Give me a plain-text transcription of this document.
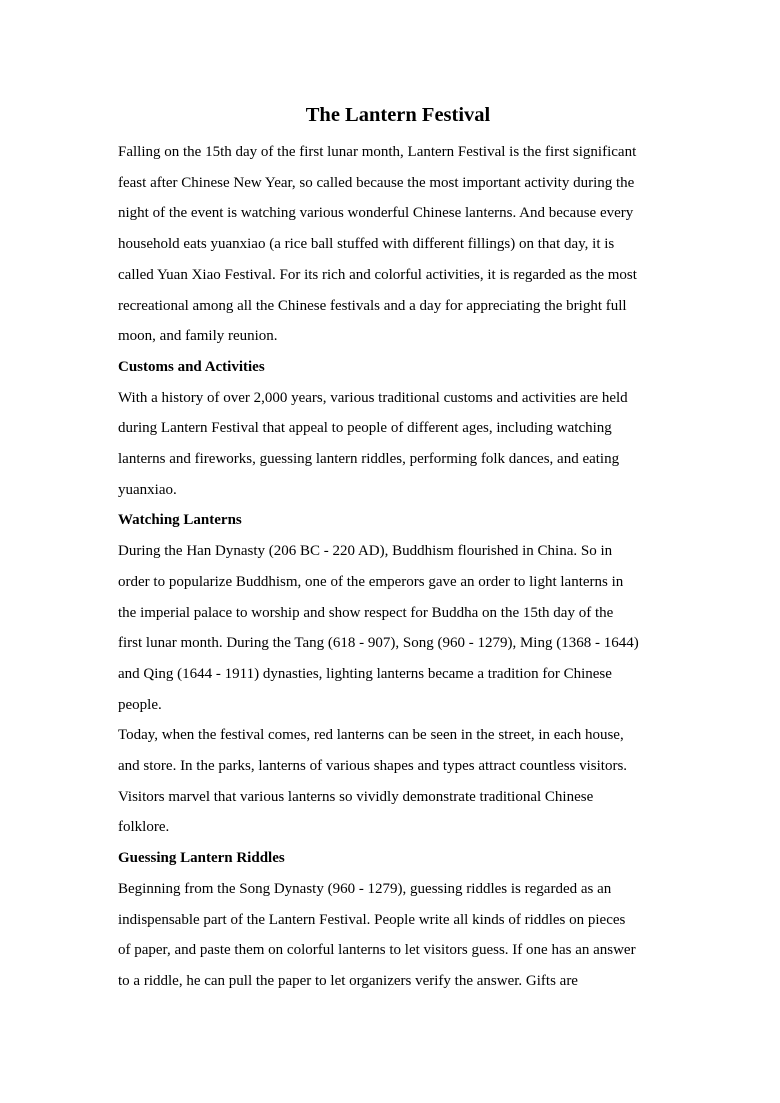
The Lantern Festival

Falling on the 15th day of the first lunar month, Lantern Festival is the first significant
feast after Chinese New Year, so called because the most important activity during the
night of the event is watching various wonderful Chinese lanterns. And because every
household eats yuanxiao (a rice ball stuffed with different fillings) on that day, it is
called Yuan Xiao Festival. For its rich and colorful activities, it is regarded as the most
recreational among all the Chinese festivals and a day for appreciating the bright full
moon, and family reunion.

Customs and Activities

With a history of over 2,000 years, various traditional customs and activities are held
during Lantern Festival that appeal to people of different ages, including watching
lanterns and fireworks, guessing lantern riddles, performing folk dances, and eating
yuanxiao.

Watching Lanterns

During the Han Dynasty (206 BC - 220 AD), Buddhism flourished in China. So in
order to popularize Buddhism, one of the emperors gave an order to light lanterns in
the imperial palace to worship and show respect for Buddha on the 15th day of the
first lunar month. During the Tang (618 - 907), Song (960 - 1279), Ming (1368 - 1644)
and Qing (1644 - 1911) dynasties, lighting lanterns became a tradition for Chinese
people.

Today, when the festival comes, red lanterns can be seen in the street, in each house,
and store. In the parks, lanterns of various shapes and types attract countless visitors.
Visitors marvel that various lanterns so vividly demonstrate traditional Chinese
folklore.

Guessing Lantern Riddles

Beginning from the Song Dynasty (960 - 1279), guessing riddles is regarded as an
indispensable part of the Lantern Festival. People write all kinds of riddles on pieces
of paper, and paste them on colorful lanterns to let visitors guess. If one has an answer
to a riddle, he can pull the paper to let organizers verify the answer. Gifts are
